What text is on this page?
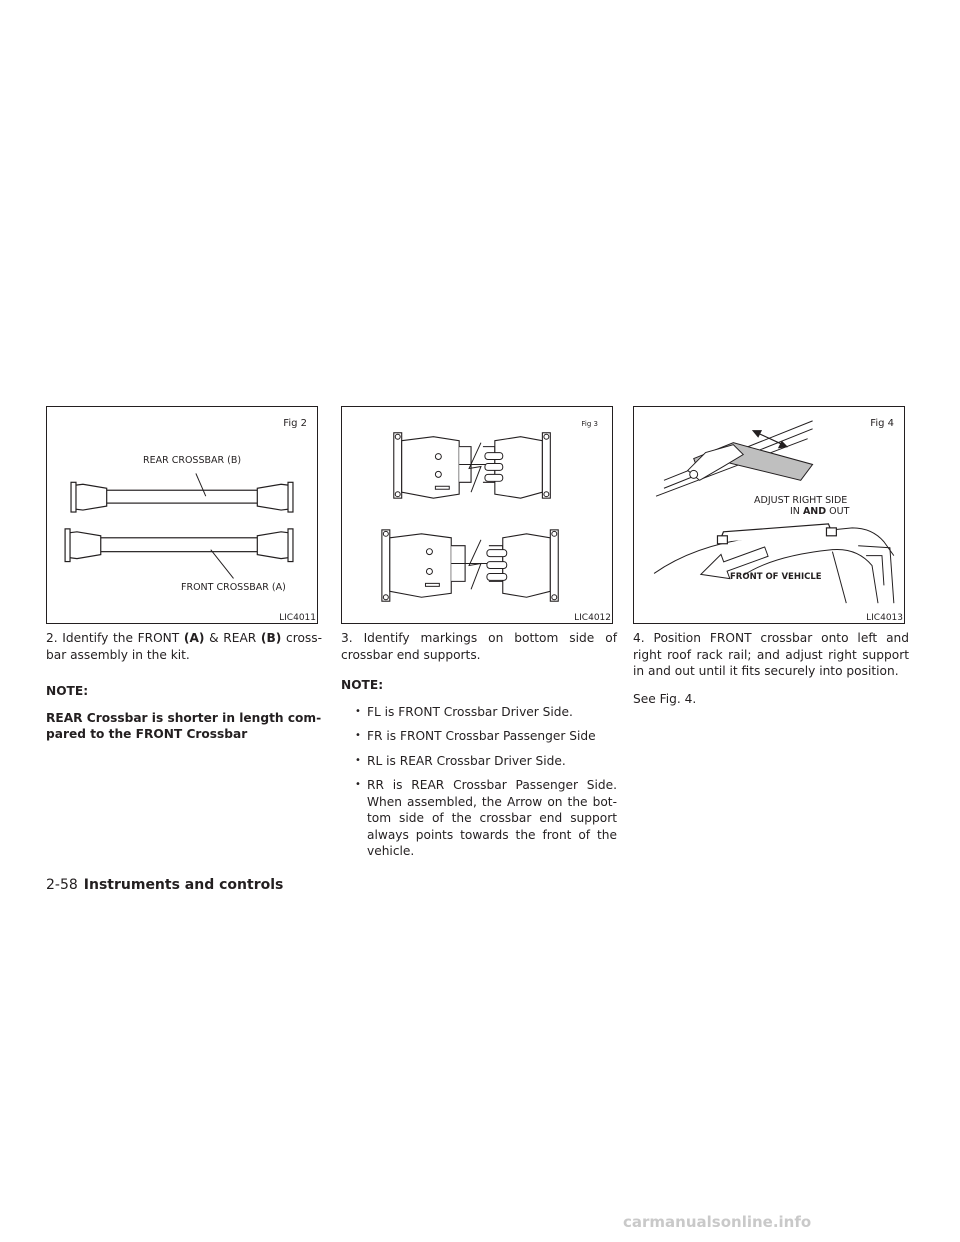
Fig 2
REAR CROSSBAR (B)
FRONT CROSSBAR (A)
LIC4011
Fig 3
LIC4012
Fig 4
ADJUST RIGHT SIDE
IN AND OUT
FRONT OF VEHICLE
LIC4013

2. Identify the FRONT (A) & REAR (B) cross-bar assembly in the kit.

NOTE:
REAR Crossbar is shorter in length com-pared to the FRONT Crossbar

3. Identify markings on bottom side of crossbar end supports.

NOTE:
• FL is FRONT Crossbar Driver Side.
• FR is FRONT Crossbar Passenger Side
• RL is REAR Crossbar Driver Side.
• RR is REAR Crossbar Passenger Side. When assembled, the Arrow on the bot-tom side of the crossbar end support always points towards the front of the vehicle.

4. Position FRONT crossbar onto left and right roof rack rail; and adjust right support in and out until it fits securely into position.

See Fig. 4.

2-58 Instruments and controls
carmanualsonline.info
